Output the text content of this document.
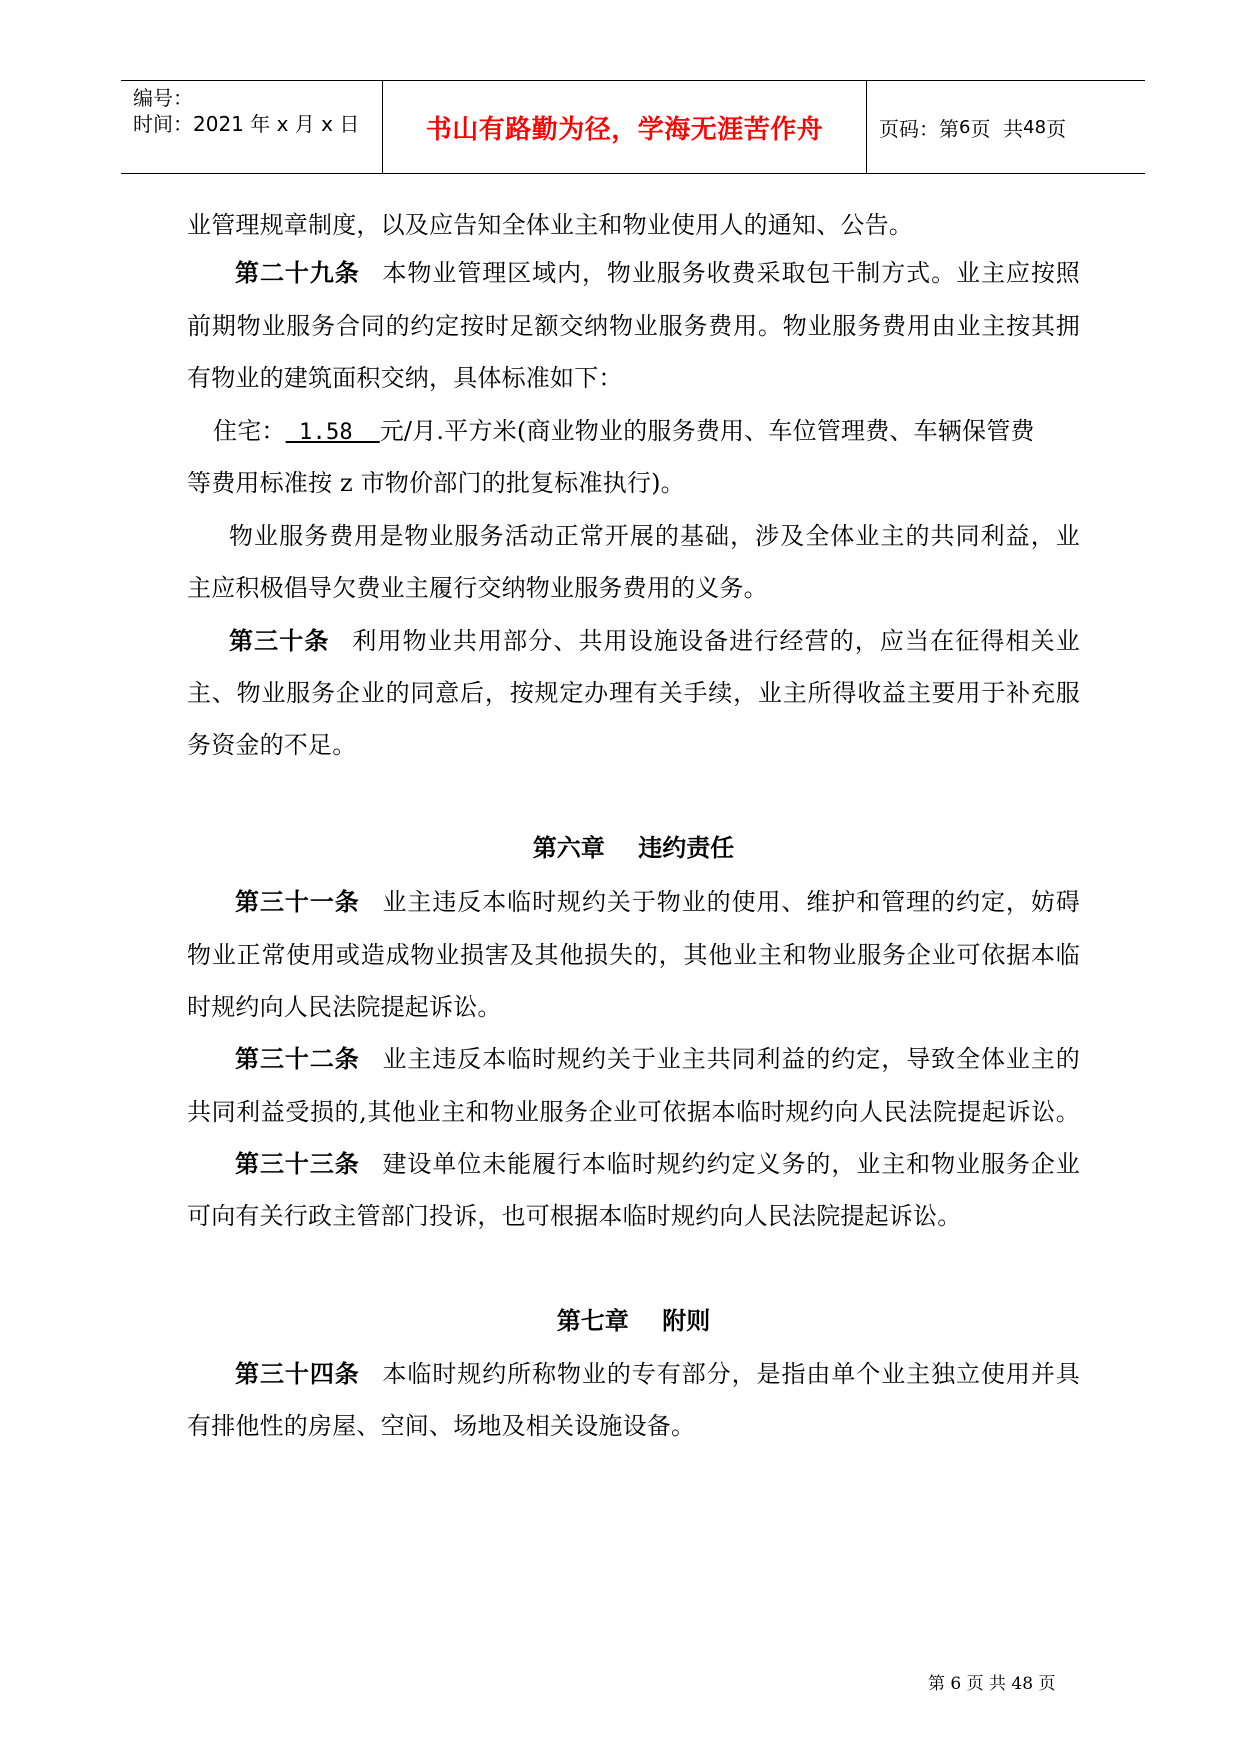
编号：
时间：2021 年 x 月 x 日	书山有路勤为径，学海无涯苦作舟	页码：第 6 页  共 48 页
业管理规章制度，以及应告知全体业主和物业使用人的通知、公告。
第二十九条 本物业管理区域内，物业服务收费采取包干制方式。业主应按照
前期物业服务合同的约定按时足额交纳物业服务费用。物业服务费用由业主按其拥
有物业的建筑面积交纳，具体标准如下：
住宅： 1.58  元/月.平方米(商业物业的服务费用、车位管理费、车辆保管费
等费用标准按 z 市物价部门的批复标准执行)。
物业服务费用是物业服务活动正常开展的基础，涉及全体业主的共同利益，业
主应积极倡导欠费业主履行交纳物业服务费用的义务。
第三十条 利用物业共用部分、共用设施设备进行经营的，应当在征得相关业
主、物业服务企业的同意后，按规定办理有关手续，业主所得收益主要用于补充服
务资金的不足。
第六章    违约责任
第三十一条 业主违反本临时规约关于物业的使用、维护和管理的约定，妨碍
物业正常使用或造成物业损害及其他损失的，其他业主和物业服务企业可依据本临
时规约向人民法院提起诉讼。
第三十二条 业主违反本临时规约关于业主共同利益的约定，导致全体业主的
共同利益受损的,其他业主和物业服务企业可依据本临时规约向人民法院提起诉讼。
第三十三条 建设单位未能履行本临时规约约定义务的，业主和物业服务企业
可向有关行政主管部门投诉，也可根据本临时规约向人民法院提起诉讼。
第七章    附则
第三十四条 本临时规约所称物业的专有部分，是指由单个业主独立使用并具
有排他性的房屋、空间、场地及相关设施设备。
第 6 页 共 48 页
